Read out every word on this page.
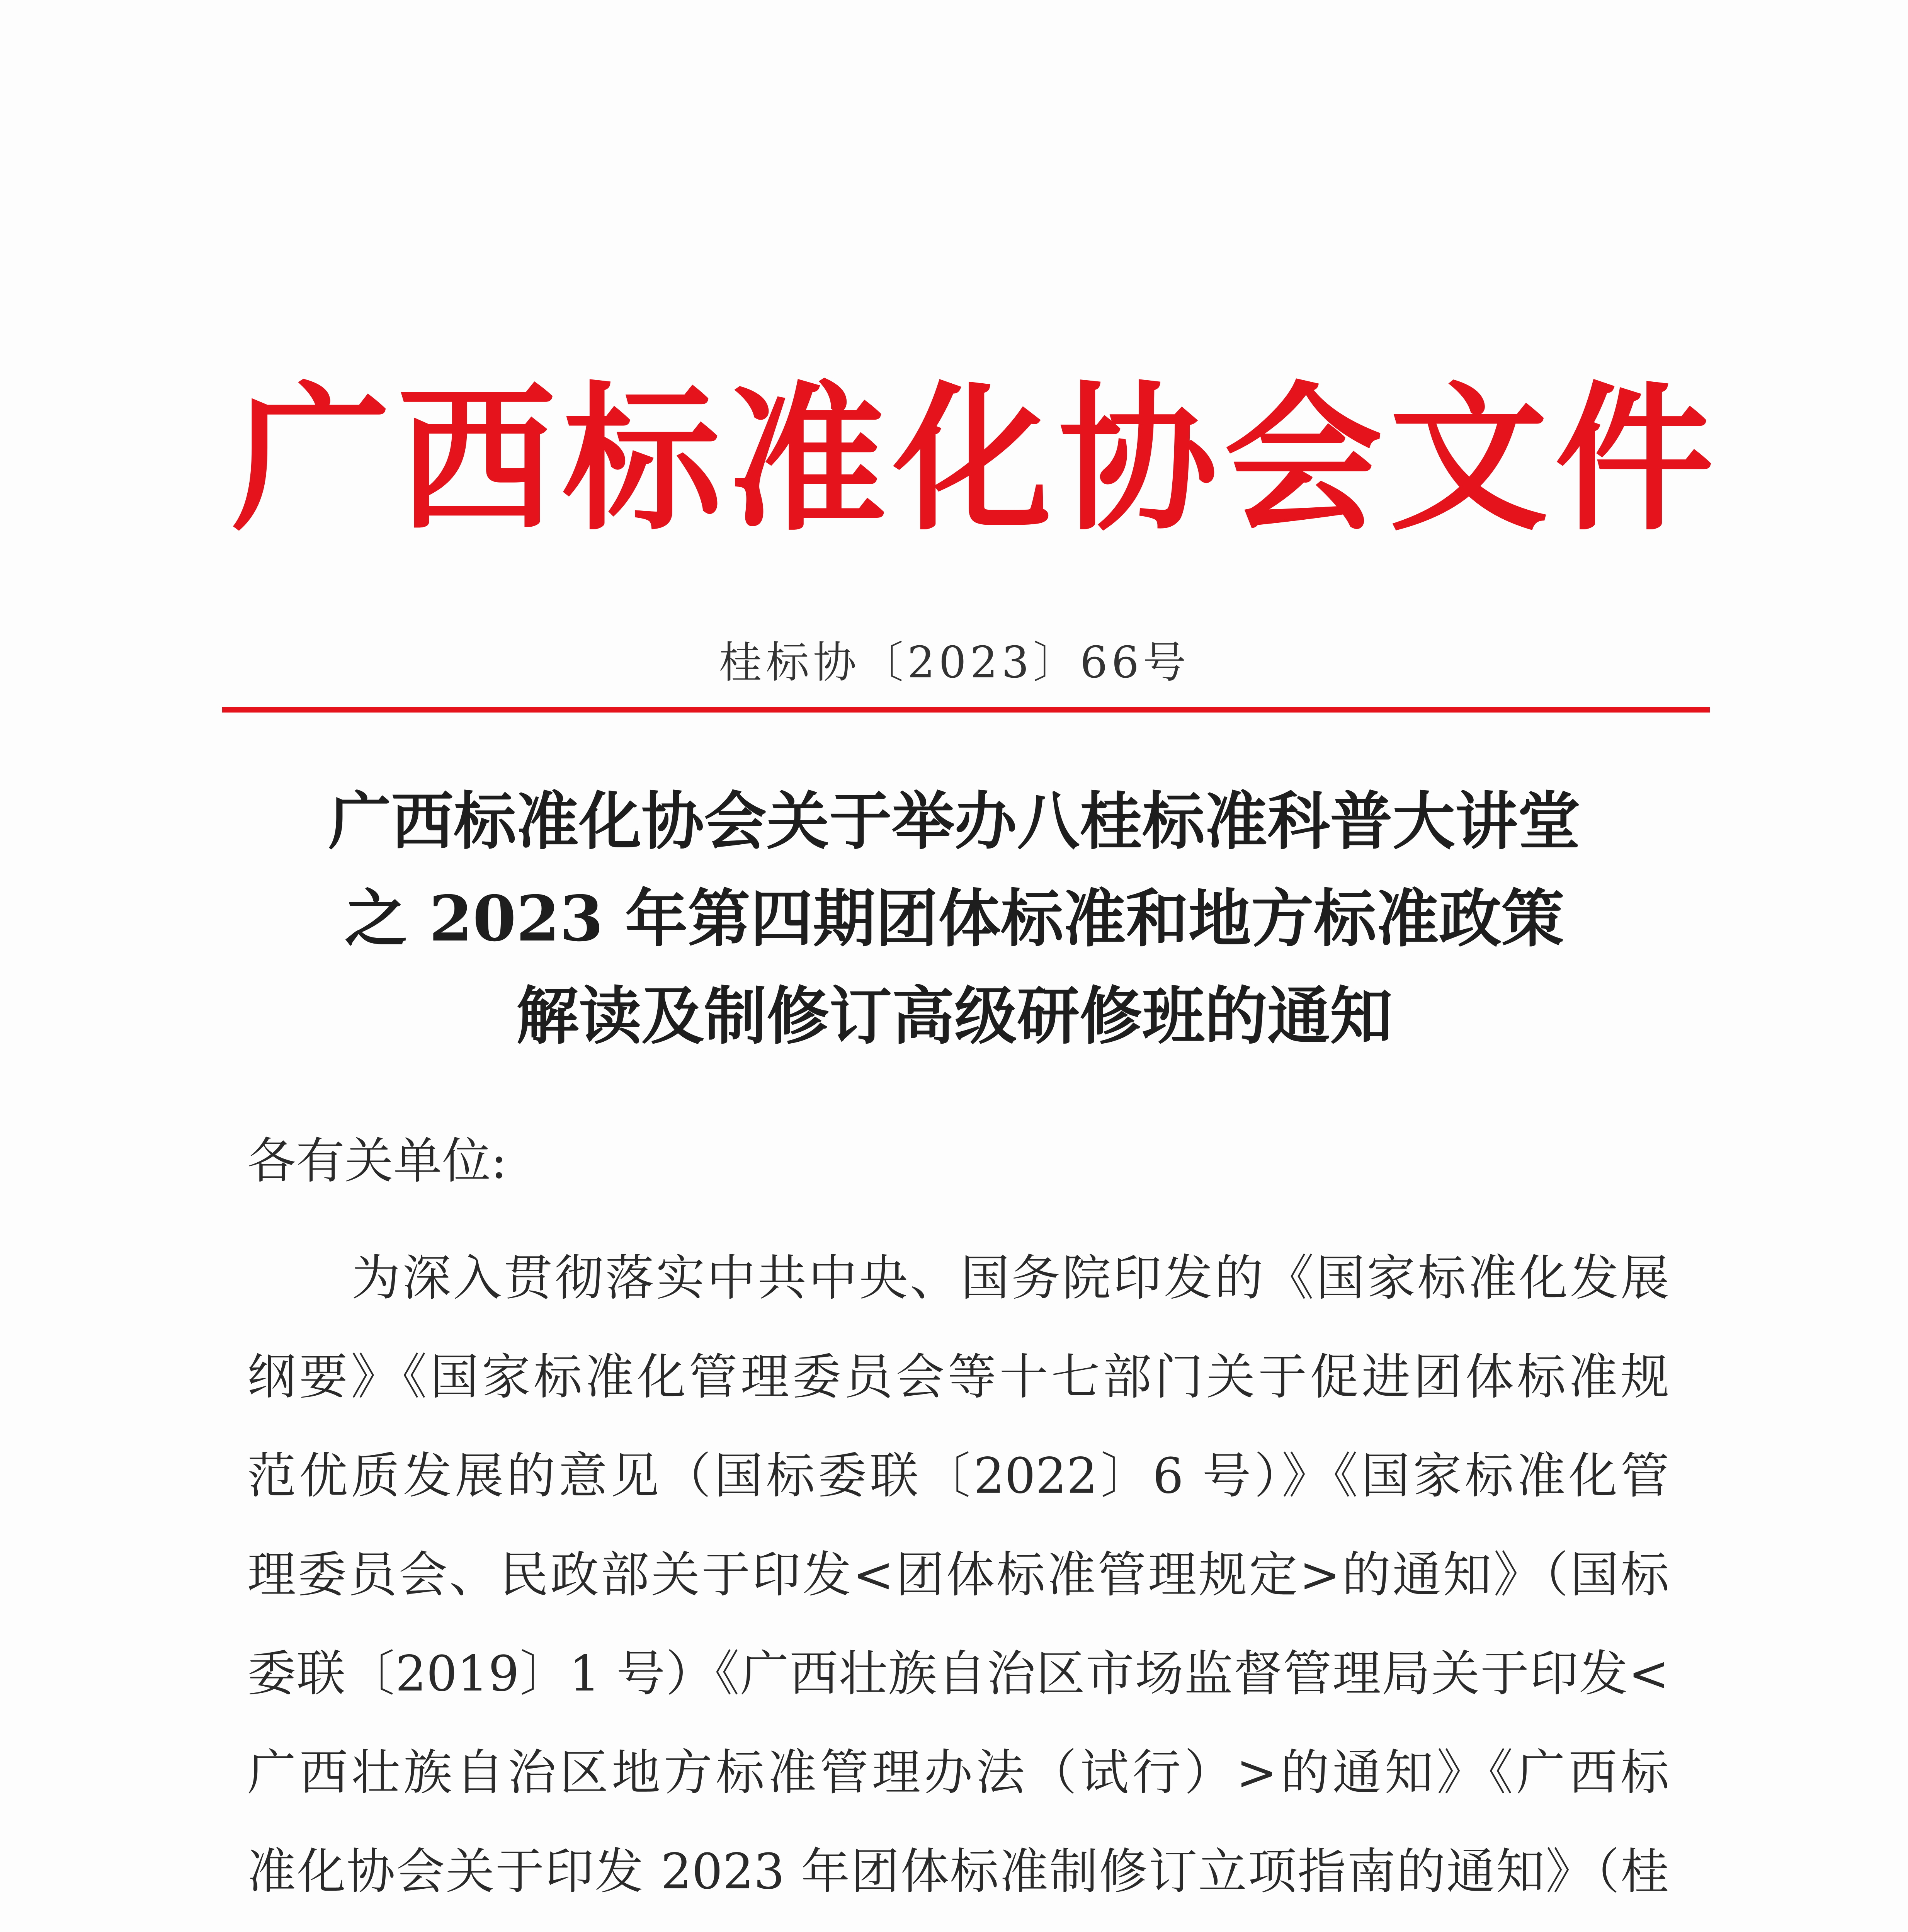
广西标准化协会文件
桂标协〔2023〕66号
广西标准化协会关于举办八桂标准科普大讲堂
之 2023 年第四期团体标准和地方标准政策
解读及制修订高级研修班的通知
各有关单位:
为深入贯彻落实中共中央、国务院印发的《国家标准化发展
纲要》《国家标准化管理委员会等十七部门关于促进团体标准规
范优质发展的意见（国标委联〔2022〕6 号）》《国家标准化管
理委员会、民政部关于印发<团体标准管理规定>的通知》（国标
委联〔2019〕1 号）《广西壮族自治区市场监督管理局关于印发<
广西壮族自治区地方标准管理办法（试行）>的通知》《广西标
准化协会关于印发 2023 年团体标准制修订立项指南的通知》（桂
